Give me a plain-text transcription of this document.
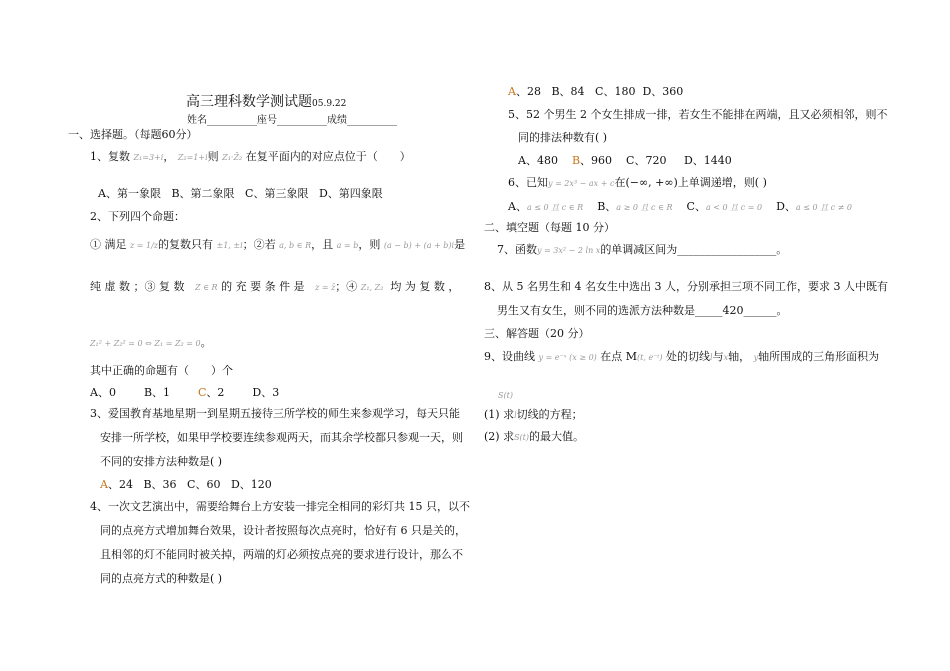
高三理科数学测试题05.9.22
姓名__________座号__________成绩__________
一、选择题。（每题60分）
1、复数 Z₁=3+i， Z₂=1+i则 Z₁·Z̄₂ 在复平面内的对应点位于（　　）
A、第一象限 B、第二象限 C、第三象限 D、第四象限
2、下列四个命题：
① 满足 z = 1/z的复数只有 ±1, ±i；②若 a, b ∈ R，且 a = b，则 (a − b) + (a + b)i是
纯 虚 数 ；③ 复 数 Z ∈ R 的 充 要 条 件 是 z = z̄；④ Z₁, Z₂ 均 为 复 数 ，
Z₁² + Z₂² = 0 ⇔ Z₁ = Z₂ = 0。
其中正确的命题有（　　）个
A、0	B、1	C、2	D、3
3、爱国教育基地星期一到星期五接待三所学校的师生来参观学习，每天只能
安排一所学校，如果甲学校要连续参观两天，而其余学校都只参观一天，则
不同的安排方法种数是( )
A、24 B、36 C、60 D、120
4、一次文艺演出中，需要给舞台上方安装一排完全相同的彩灯共 15 只，以不
同的点亮方式增加舞台效果，设计者按照每次点亮时，恰好有 6 只是关的，
且相邻的灯不能同时被关掉，两端的灯必须按点亮的要求进行设计，那么不
同的点亮方式的种数是( )
A、28 B、84 C、180 D、360
5、52 个男生 2 个女生排成一排，若女生不能排在两端，且又必须相邻，则不
同的排法种数有( )
A、480 B、960 C、720 D、1440
6、已知y = 2x³ − ax + c在(−∞, +∞)上单调递增，则( )
A、a ≤ 0 且 c ∈ R B、a ≥ 0 且 c ∈ R C、a < 0 且 c = 0 D、a ≤ 0 且 c ≠ 0
二、填空题（每题 10 分）
7、函数y = 3x² − 2 ln x的单调减区间为__________________。
8、从 5 名男生和 4 名女生中选出 3 人，分别承担三项不同工作，要求 3 人中既有
男生又有女生，则不同的选派方法种数是_____420______。
三、解答题（20 分）
9、设曲线 y = e⁻ˣ (x ≥ 0) 在点 M(t, e⁻ᵗ) 处的切线l与x轴， y轴所围成的三角形面积为
S(t)
(1) 求l切线的方程；
(2) 求S(t)的最大值。
